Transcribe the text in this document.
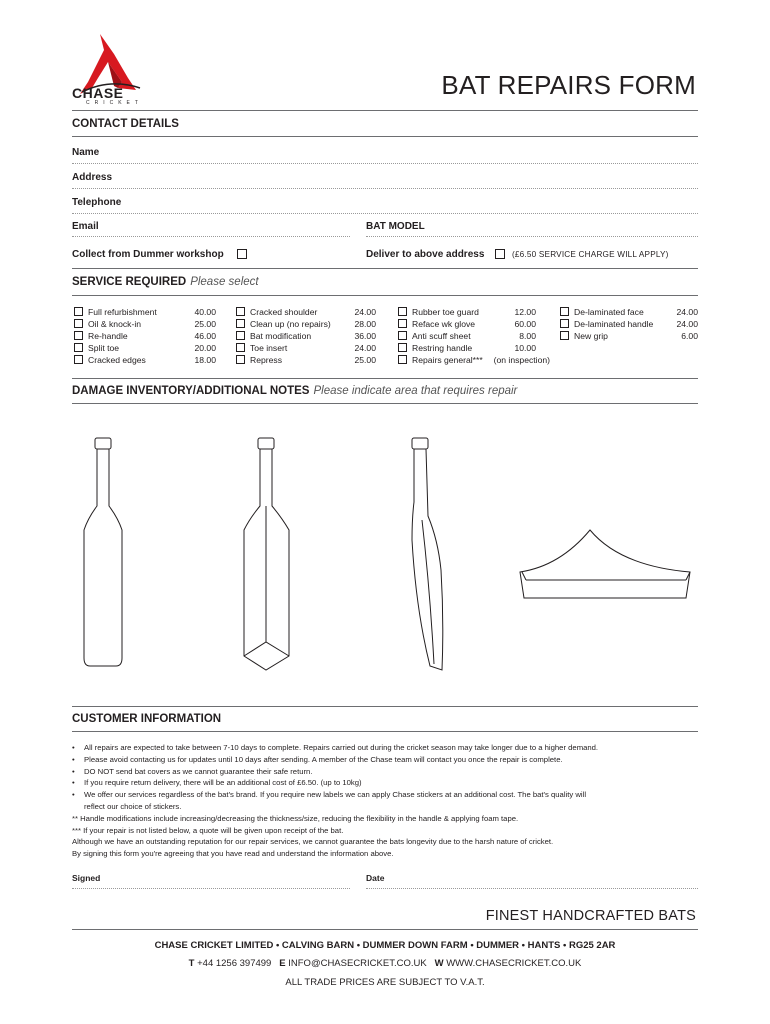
CHASE
CRICKET
BAT REPAIRS FORM
CONTACT DETAILS
Name
Address
Telephone
Email	BAT MODEL
Collect from Dummer workshop	Deliver to above address	(£6.50 SERVICE CHARGE WILL APPLY)
SERVICE REQUIRED Please select
Full refurbishment	40.00
Oil & knock-in	25.00
Re-handle	46.00
Split toe	20.00
Cracked edges	18.00
Cracked shoulder	24.00
Clean up (no repairs)	28.00
Bat modification	36.00
Toe insert	24.00
Repress	25.00
Rubber toe guard	12.00
Reface wk glove	60.00
Anti scuff sheet	8.00
Restring handle	10.00
Repairs general*** (on inspection)
De-laminated face	24.00
De-laminated handle	24.00
New grip	6.00
DAMAGE INVENTORY/ADDITIONAL NOTES Please indicate area that requires repair
CUSTOMER INFORMATION
• All repairs are expected to take between 7-10 days to complete. Repairs carried out during the cricket season may take longer due to a higher demand.
• Please avoid contacting us for updates until 10 days after sending. A member of the Chase team will contact you once the repair is complete.
• DO NOT send bat covers as we cannot guarantee their safe return.
• If you require return delivery, there will be an additional cost of £6.50. (up to 10kg)
• We offer our services regardless of the bat's brand. If you require new labels we can apply Chase stickers at an additional cost. The bat's quality will
reflect our choice of stickers.
** Handle modifications include increasing/decreasing the thickness/size, reducing the flexibility in the handle & applying foam tape.
*** If your repair is not listed below, a quote will be given upon receipt of the bat.
Although we have an outstanding reputation for our repair services, we cannot guarantee the bats longevity due to the harsh nature of cricket.
By signing this form you're agreeing that you have read and understand the information above.
Signed	Date
FINEST HANDCRAFTED BATS
CHASE CRICKET LIMITED • CALVING BARN • DUMMER DOWN FARM • DUMMER • HANTS • RG25 2AR
T +44 1256 397499 E INFO@CHASECRICKET.CO.UK W WWW.CHASECRICKET.CO.UK
ALL TRADE PRICES ARE SUBJECT TO V.A.T.
